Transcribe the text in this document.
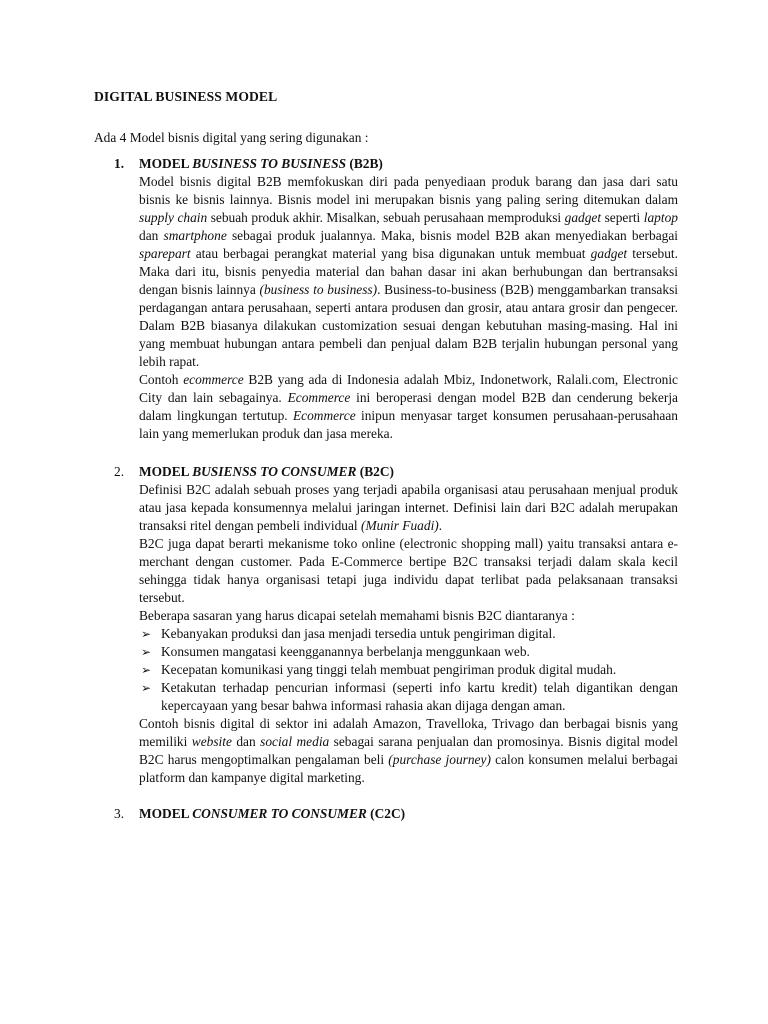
DIGITAL BUSINESS MODEL
Ada 4 Model bisnis digital yang sering digunakan :
1. MODEL BUSINESS TO BUSINESS (B2B)
Model bisnis digital B2B memfokuskan diri pada penyediaan produk barang dan jasa dari satu bisnis ke bisnis lainnya. Bisnis model ini merupakan bisnis yang paling sering ditemukan dalam supply chain sebuah produk akhir. Misalkan, sebuah perusahaan memproduksi gadget seperti laptop dan smartphone sebagai produk jualannya. Maka, bisnis model B2B akan menyediakan berbagai sparepart atau berbagai perangkat material yang bisa digunakan untuk membuat gadget tersebut. Maka dari itu, bisnis penyedia material dan bahan dasar ini akan berhubungan dan bertransaksi dengan bisnis lainnya (business to business). Business-to-business (B2B) menggambarkan transaksi perdagangan antara perusahaan, seperti antara produsen dan grosir, atau antara grosir dan pengecer. Dalam B2B biasanya dilakukan customization sesuai dengan kebutuhan masing-masing. Hal ini yang membuat hubungan antara pembeli dan penjual dalam B2B terjalin hubungan personal yang lebih rapat.
Contoh ecommerce B2B yang ada di Indonesia adalah Mbiz, Indonetwork, Ralali.com, Electronic City dan lain sebagainya. Ecommerce ini beroperasi dengan model B2B dan cenderung bekerja dalam lingkungan tertutup. Ecommerce inipun menyasar target konsumen perusahaan-perusahaan lain yang memerlukan produk dan jasa mereka.
2. MODEL BUSIENSS TO CONSUMER (B2C)
Definisi B2C adalah sebuah proses yang terjadi apabila organisasi atau perusahaan menjual produk atau jasa kepada konsumennya melalui jaringan internet. Definisi lain dari B2C adalah merupakan transaksi ritel dengan pembeli individual (Munir Fuadi).
B2C juga dapat berarti mekanisme toko online (electronic shopping mall) yaitu transaksi antara e-merchant dengan customer. Pada E-Commerce bertipe B2C transaksi terjadi dalam skala kecil sehingga tidak hanya organisasi tetapi juga individu dapat terlibat pada pelaksanaan transaksi tersebut.
Beberapa sasaran yang harus dicapai setelah memahami bisnis B2C diantaranya :
➢ Kebanyakan produksi dan jasa menjadi tersedia untuk pengiriman digital.
➢ Konsumen mangatasi keengganannya berbelanja menggunkaan web.
➢ Kecepatan komunikasi yang tinggi telah membuat pengiriman produk digital mudah.
➢ Ketakutan terhadap pencurian informasi (seperti info kartu kredit) telah digantikan dengan kepercayaan yang besar bahwa informasi rahasia akan dijaga dengan aman.
Contoh bisnis digital di sektor ini adalah Amazon, Travelloka, Trivago dan berbagai bisnis yang memiliki website dan social media sebagai sarana penjualan dan promosinya. Bisnis digital model B2C harus mengoptimalkan pengalaman beli (purchase journey) calon konsumen melalui berbagai platform dan kampanye digital marketing.
3. MODEL CONSUMER TO CONSUMER (C2C)
